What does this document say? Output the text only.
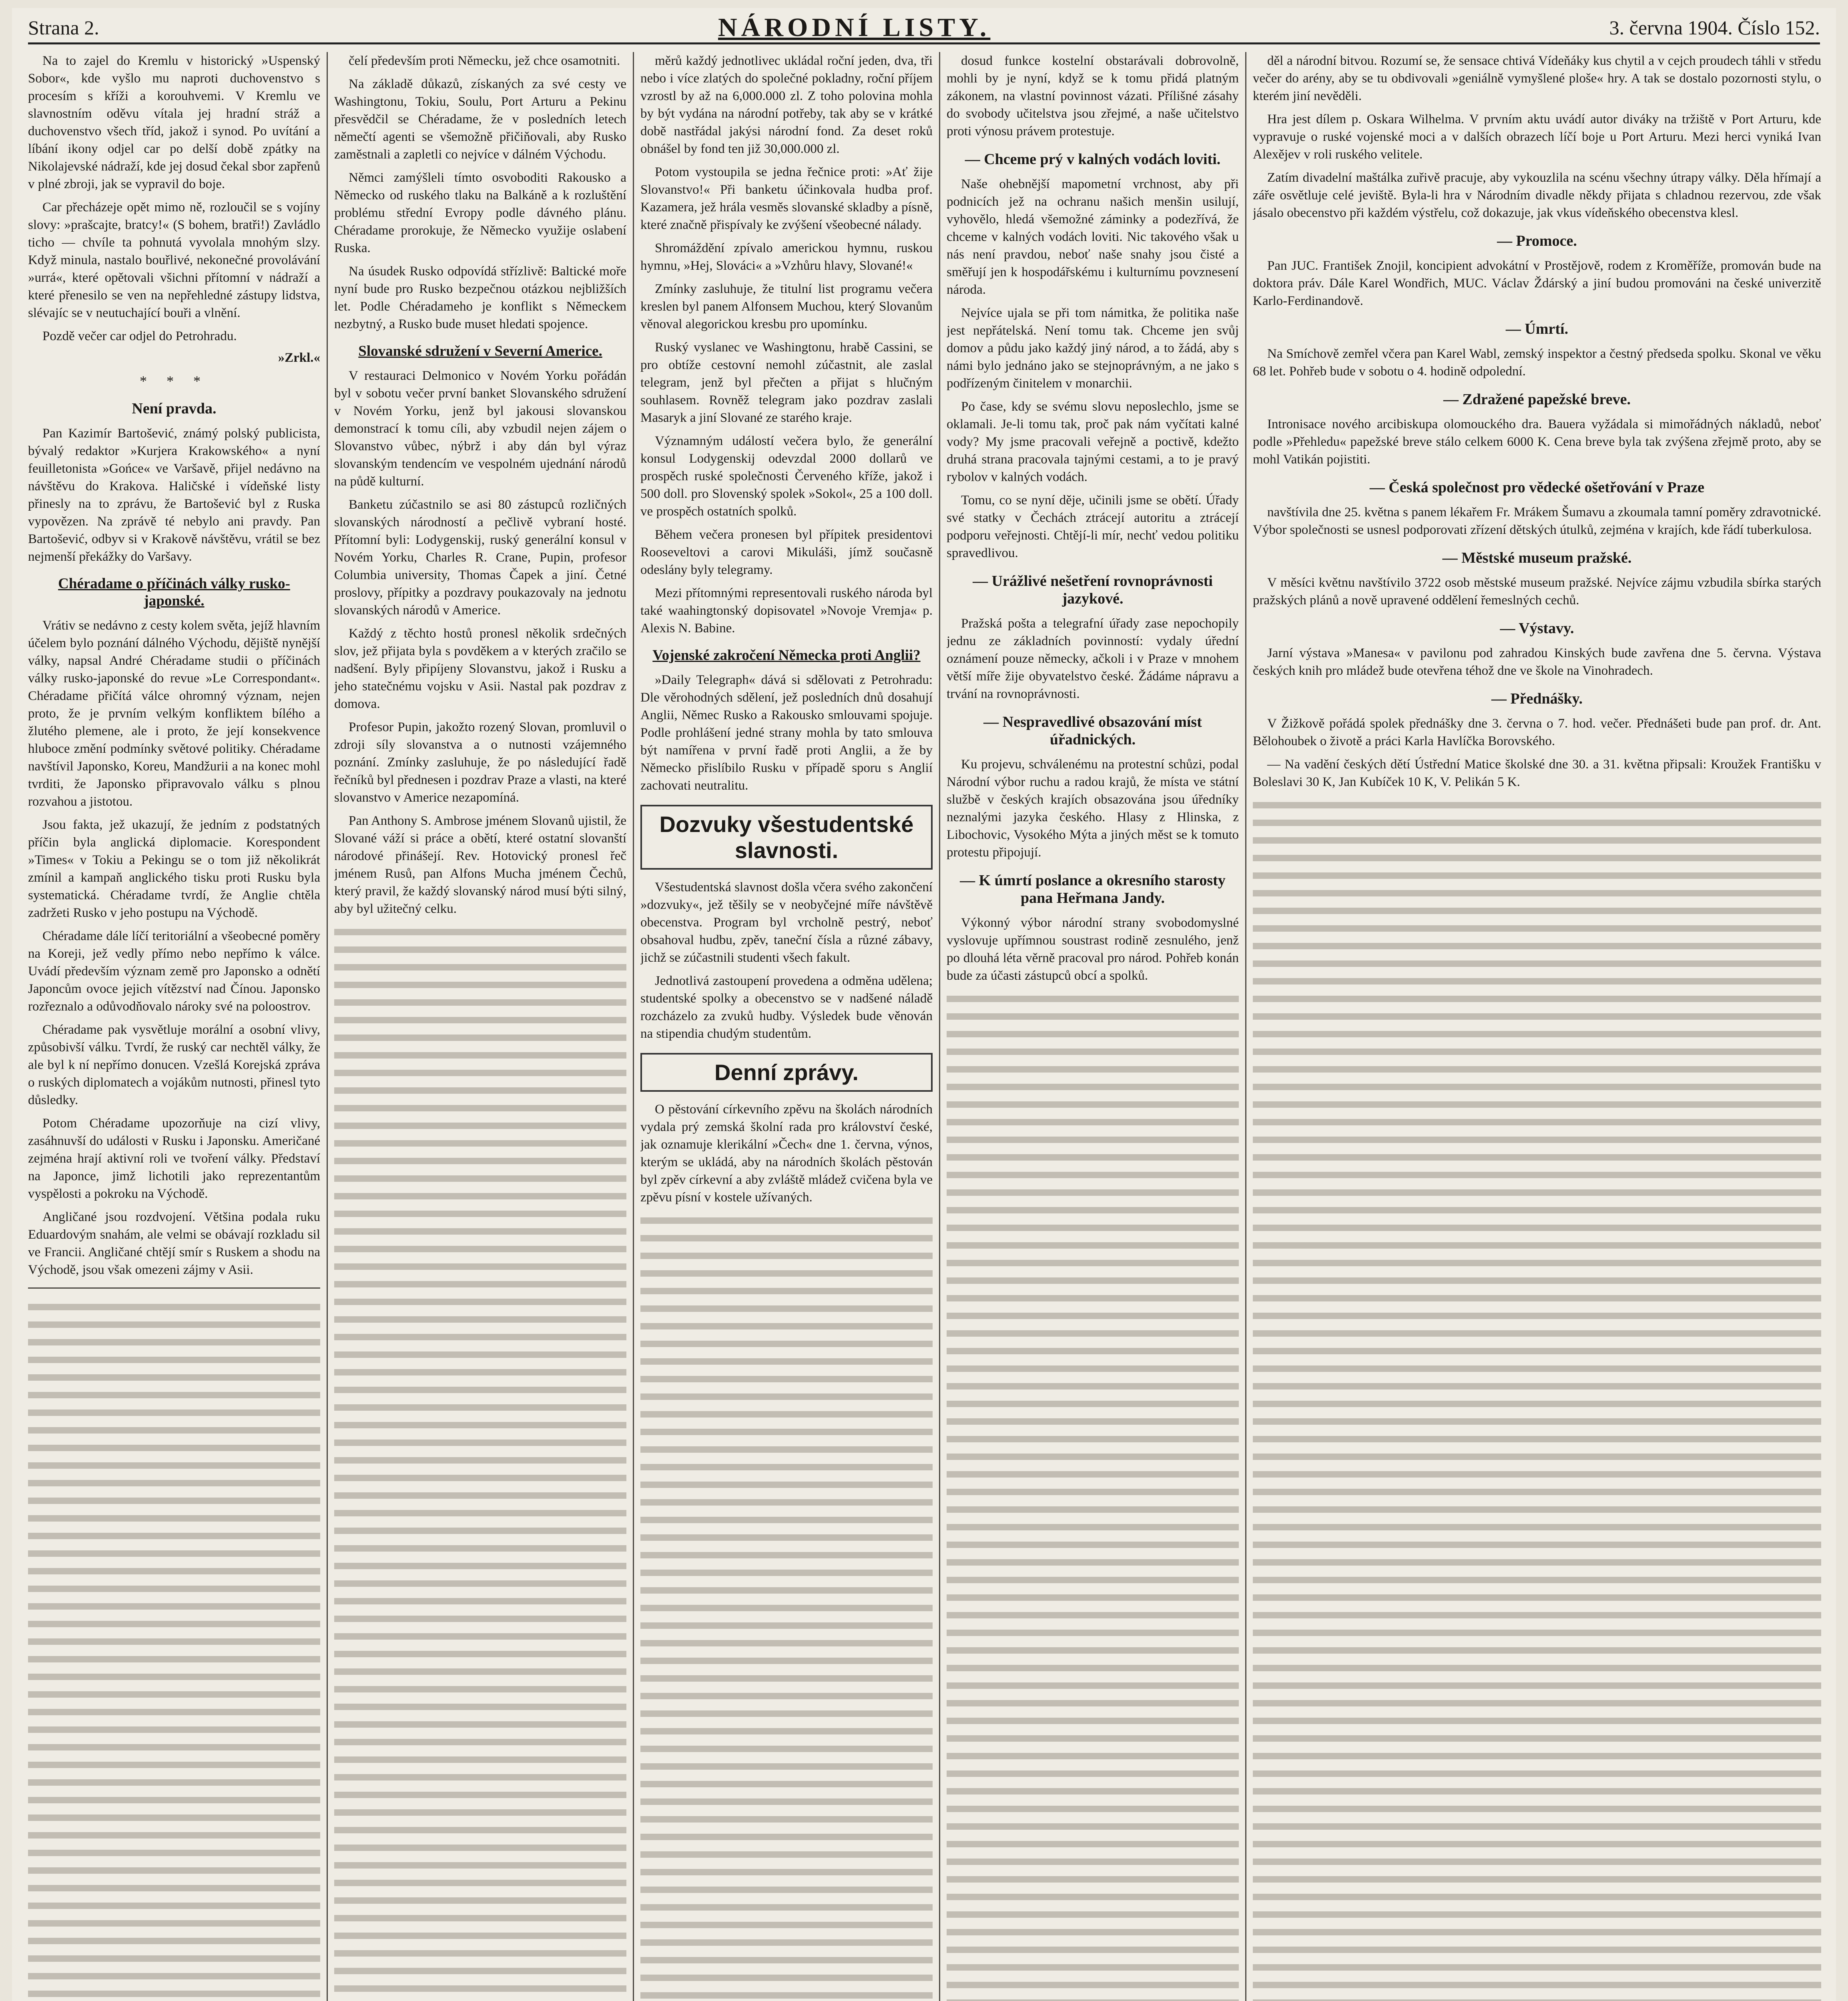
Strana 2.	NÁRODNÍ LISTY.	3. června 1904. Číslo 152.

Na to zajel do Kremlu v historický »Uspenský Sobor«, kde vyšlo mu naproti duchovenstvo s procesím s kříži a korouhvemi. V Kremlu ve slavnostním oděvu vítala jej hradní stráž a duchovenstvo všech tříd, jakož i synod. Po uvítání a líbání ikony odjel car po delší době zpátky na Nikolajevské nádraží, kde jej dosud čekal sbor zapřenů v plné zbroji, jak se vypravil do boje.

Car přecházeje opět mimo ně, rozloučil se s vojíny slovy: »prašcajte, bratcy!« (S bohem, bratři!) Zavládlo ticho — chvíle ta pohnutá vyvolala mnohým slzy. Když minula, nastalo bouřlivé, nekonečné provolávání »urrá«, které opětovali všichni přítomní v nádraží a které přenesilo se ven na nepřehledné zástupy lidstva, slévajíc se v neutuchající bouři a vlnění.

Pozdě večer car odjel do Petrohradu.

»Zrkl.«
* * *
Není pravda.

Pan Kazimír Bartošević, známý polský publicista, bývalý redaktor »Kurjera Krakowského« a nyní feuilletonista »Gońce« ve Varšavě, přijel nedávno na návštěvu do Krakova. Haličské i vídeňské listy přinesly na to zprávu, že Bartošević byl z Ruska vypovězen. Na zprávě té nebylo ani pravdy. Pan Bartošević, odbyv si v Krakově návštěvu, vrátil se bez nejmenší překážky do Varšavy.

Chéradame o příčinách války rusko-japonské.

Vrátiv se nedávno z cesty kolem světa, jejíž hlavním účelem bylo poznání dálného Východu, dějiště nynější války, napsal André Chéradame studii o příčinách války rusko-japonské do revue »Le Correspondant«. Chéradame přičítá válce ohromný význam, nejen proto, že je prvním velkým konfliktem bílého a žlutého plemene, ale i proto, že její konsekvence hluboce změní podmínky světové politiky. Chéradame navštívil Japonsko, Koreu, Mandžurii a na konec mohl tvrditi, že Japonsko připravovalo válku s plnou rozvahou a jistotou.

Jsou fakta, jež ukazují, že jedním z podstatných příčin byla anglická diplomacie. Korespondent »Times« v Tokiu a Pekingu se o tom již několikrát zmínil a kampaň anglického tisku proti Rusku byla systematická. Chéradame tvrdí, že Anglie chtěla zadržeti Rusko v jeho postupu na Východě.

Chéradame dále líčí teritoriální a všeobecné poměry na Koreji, jež vedly přímo nebo nepřímo k válce. Uvádí především význam země pro Japonsko a odnětí Japoncům ovoce jejich vítězství nad Čínou. Japonsko rozřeznalo a odůvodňovalo nároky své na poloostrov.

Chéradame pak vysvětluje morální a osobní vlivy, způsobivší válku. Tvrdí, že ruský car nechtěl války, že ale byl k ní nepřímo donucen. Vzešlá Korejská zpráva o ruských diplomatech a vojákům nutnosti, přinesl tyto důsledky.

Potom Chéradame upozorňuje na cizí vlivy, zasáhnuvší do události v Rusku i Japonsku. Američané zejména hrají aktivní roli ve tvoření války. Představí na Japonce, jimž lichotili jako reprezentantům vyspělosti a pokroku na Východě.

Angličané jsou rozdvojení. Většina podala ruku Eduardovým snahám, ale velmi se obávají rozkladu sil ve Francii. Angličané chtějí smír s Ruskem a shodu na Východě, jsou však omezeni zájmy v Asii.

čelí především proti Německu, jež chce osamotniti.

Na základě důkazů, získaných za své cesty ve Washingtonu, Tokiu, Soulu, Port Arturu a Pekinu přesvědčil se Chéradame, že v posledních letech němečtí agenti se všemožně přičiňovali, aby Rusko zaměstnali a zapletli co nejvíce v dálném Východu.

Němci zamýšleli tímto osvoboditi Rakousko a Německo od ruského tlaku na Balkáně a k rozluštění problému střední Evropy podle dávného plánu. Chéradame prorokuje, že Německo využije oslabení Ruska.

Na úsudek Rusko odpovídá střízlivě: Baltické moře nyní bude pro Rusko bezpečnou otázkou nejbližších let. Podle Chéradameho je konflikt s Německem nezbytný, a Rusko bude muset hledati spojence.

Slovanské sdružení v Severní Americe.

V restauraci Delmonico v Novém Yorku pořádán byl v sobotu večer první banket Slovanského sdružení v Novém Yorku, jenž byl jakousi slovanskou demonstrací k tomu cíli, aby vzbudil nejen zájem o Slovanstvo vůbec, nýbrž i aby dán byl výraz slovanským tendencím ve vespolném ujednání národů na půdě kulturní.

Banketu zúčastnilo se asi 80 zástupců rozličných slovanských národností a pečlivě vybraní hosté. Přítomní byli: Lodygenskij, ruský generální konsul v Novém Yorku, Charles R. Crane, Pupin, profesor Columbia university, Thomas Čapek a jiní. Četné proslovy, přípitky a pozdravy poukazovaly na jednotu slovanských národů v Americe.

Každý z těchto hostů pronesl několik srdečných slov, jež přijata byla s povděkem a v kterých zračilo se nadšení. Byly připíjeny Slovanstvu, jakož i Rusku a jeho statečnému vojsku v Asii. Nastal pak pozdrav z domova.

Profesor Pupin, jakožto rozený Slovan, promluvil o zdroji síly slovanstva a o nutnosti vzájemného poznání. Zmínky zasluhuje, že po následující řadě řečníků byl přednesen i pozdrav Praze a vlasti, na které slovanstvo v Americe nezapomíná.

Pan Anthony S. Ambrose jménem Slovanů ujistil, že Slované váží si práce a obětí, které ostatní slovanští národové přinášejí. Rev. Hotovický pronesl řeč jménem Rusů, pan Alfons Mucha jménem Čechů, který pravil, že každý slovanský národ musí býti silný, aby byl užitečný celku.

měrů každý jednotlivec ukládal roční jeden, dva, tři nebo i více zlatých do společné pokladny, roční příjem vzrostl by až na 6,000.000 zl. Z toho polovina mohla by být vydána na národní potřeby, tak aby se v krátké době nastřádal jakýsi národní fond. Za deset roků obnášel by fond ten již 30,000.000 zl.

Potom vystoupila se jedna řečnice proti: »Ať žije Slovanstvo!« Při banketu účinkovala hudba prof. Kazamera, jež hrála vesměs slovanské skladby a písně, které značně přispívaly ke zvýšení všeobecné nálady.

Shromáždění zpívalo americkou hymnu, ruskou hymnu, »Hej, Slováci« a »Vzhůru hlavy, Slované!«

Zmínky zasluhuje, že titulní list programu večera kreslen byl panem Alfonsem Muchou, který Slovanům věnoval alegorickou kresbu pro upomínku.

Ruský vyslanec ve Washingtonu, hrabě Cassini, se pro obtíže cestovní nemohl zúčastnit, ale zaslal telegram, jenž byl přečten a přijat s hlučným souhlasem. Rovněž telegram jako pozdrav zaslali Masaryk a jiní Slované ze starého kraje.

Významným událostí večera bylo, že generální konsul Lodygenskij odevzdal 2000 dollarů ve prospěch ruské společnosti Červeného kříže, jakož i 500 doll. pro Slovenský spolek »Sokol«, 25 a 100 doll. ve prospěch ostatních spolků.

Během večera pronesen byl přípitek presidentovi Rooseveltovi a carovi Mikuláši, jímž současně odeslány byly telegramy.

Mezi přítomnými representovali ruského národa byl také waahingtonský dopisovatel »Novoje Vremja« p. Alexis N. Babine.

Vojenské zakročení Německa proti Anglii?

»Daily Telegraph« dává si sdělovati z Petrohradu: Dle věrohodných sdělení, jež posledních dnů dosahují Anglii, Němec Rusko a Rakousko smlouvami spojuje. Podle prohlášení jedné strany mohla by tato smlouva být namířena v první řadě proti Anglii, a že by Německo přislíbilo Rusku v případě sporu s Anglií zachovati neutralitu.

Dozvuky všestudentské slavnosti.

Všestudentská slavnost došla včera svého zakončení »dozvuky«, jež těšily se v neobyčejné míře návštěvě obecenstva. Program byl vrcholně pestrý, neboť obsahoval hudbu, zpěv, taneční čísla a různé zábavy, jichž se zúčastnili studenti všech fakult.

Jednotlivá zastoupení provedena a odměna udělena; studentské spolky a obecenstvo se v nadšené náladě rozcházelo za zvuků hudby. Výsledek bude věnován na stipendia chudým studentům.

Denní zprávy.

O pěstování církevního zpěvu na školách národních vydala prý zemská školní rada pro království české, jak oznamuje klerikální »Čech« dne 1. června, výnos, kterým se ukládá, aby na národních školách pěstován byl zpěv církevní a aby zvláště mládež cvičena byla ve zpěvu písní v kostele užívaných.

dosud funkce kostelní obstarávali dobrovolně, mohli by je nyní, když se k tomu přidá platným zákonem, na vlastní povinnost vázati. Přílišné zásahy do svobody učitelstva jsou zřejmé, a naše učitelstvo proti výnosu právem protestuje.

— Chceme prý v kalných vodách loviti.

Naše ohebnější mapometní vrchnost, aby při podnicích jež na ochranu našich menšin usilují, vyhovělo, hledá všemožné záminky a podezřívá, že chceme v kalných vodách loviti. Nic takového však u nás není pravdou, neboť naše snahy jsou čisté a směřují jen k hospodářskému i kulturnímu povznesení národa.

Nejvíce ujala se při tom námitka, že politika naše jest nepřátelská. Není tomu tak. Chceme jen svůj domov a půdu jako každý jiný národ, a to žádá, aby s námi bylo jednáno jako se stejnoprávným, a ne jako s podřízeným činitelem v monarchii.

Po čase, kdy se svému slovu neposlechlo, jsme se oklamali. Je-li tomu tak, proč pak nám vyčítati kalné vody? My jsme pracovali veřejně a poctivě, kdežto druhá strana pracovala tajnými cestami, a to je pravý rybolov v kalných vodách.

Tomu, co se nyní děje, učinili jsme se obětí. Úřady své statky v Čechách ztrácejí autoritu a ztrácejí podporu veřejnosti. Chtějí-li mír, nechť vedou politiku spravedlivou.

— Urážlivé nešetření rovnoprávnosti jazykové.

Pražská pošta a telegrafní úřady zase nepochopily jednu ze základních povinností: vydaly úřední oznámení pouze německy, ačkoli i v Praze v mnohem větší míře žije obyvatelstvo české. Žádáme nápravu a trvání na rovnoprávnosti.

— Nespravedlivé obsazování míst úřadnických.

Ku projevu, schválenému na protestní schůzi, podal Národní výbor ruchu a radou krajů, že místa ve státní službě v českých krajích obsazována jsou úředníky neznalými jazyka českého. Hlasy z Hlinska, z Libochovic, Vysokého Mýta a jiných měst se k tomuto protestu připojují.

— K úmrtí poslance a okresního starosty pana Heřmana Jandy.

Výkonný výbor národní strany svobodomyslné vyslovuje upřímnou soustrast rodině zesnulého, jenž po dlouhá léta věrně pracoval pro národ. Pohřeb konán bude za účasti zástupců obcí a spolků.

děl a národní bitvou. Rozumí se, že sensace chtivá Vídeňáky kus chytil a v cejch proudech táhli v středu večer do arény, aby se tu obdivovali »geniálně vymyšlené ploše« hry. A tak se dostalo pozornosti stylu, o kterém jiní nevěděli.

Hra jest dílem p. Oskara Wilhelma. V prvním aktu uvádí autor diváky na tržiště v Port Arturu, kde vypravuje o ruské vojenské moci a v dalších obrazech líčí boje u Port Arturu. Mezi herci vyniká Ivan Alexějev v roli ruského velitele.

Zatím divadelní maštálka zuřivě pracuje, aby vykouzlila na scénu všechny útrapy války. Děla hřímají a záře osvětluje celé jeviště. Byla-li hra v Národním divadle někdy přijata s chladnou rezervou, zde však jásalo obecenstvo při každém výstřelu, což dokazuje, jak vkus vídeňského obecenstva klesl.

— Promoce.

Pan JUC. František Znojil, koncipient advokátní v Prostějově, rodem z Kroměříže, promován bude na doktora práv. Dále Karel Wondřich, MUC. Václav Ždárský a jiní budou promováni na české univerzitě Karlo-Ferdinandově.

— Úmrtí.

Na Smíchově zemřel včera pan Karel Wabl, zemský inspektor a čestný předseda spolku. Skonal ve věku 68 let. Pohřeb bude v sobotu o 4. hodině odpolední.

— Zdražené papežské breve.

Intronisace nového arcibiskupa olomouckého dra. Bauera vyžádala si mimořádných nákladů, neboť podle »Přehledu« papežské breve stálo celkem 6000 K. Cena breve byla tak zvýšena zřejmě proto, aby se mohl Vatikán pojistiti.

— Česká společnost pro vědecké ošetřování v Praze

navštívila dne 25. května s panem lékařem Fr. Mrákem Šumavu a zkoumala tamní poměry zdravotnické. Výbor společnosti se usnesl podporovati zřízení dětských útulků, zejména v krajích, kde řádí tuberkulosa.

— Městské museum pražské.

V měsíci květnu navštívilo 3722 osob městské museum pražské. Nejvíce zájmu vzbudila sbírka starých pražských plánů a nově upravené oddělení řemeslných cechů.

— Výstavy.

Jarní výstava »Manesa« v pavilonu pod zahradou Kinských bude zavřena dne 5. června. Výstava českých knih pro mládež bude otevřena téhož dne ve škole na Vinohradech.

— Přednášky.

V Žižkově pořádá spolek přednášky dne 3. června o 7. hod. večer. Přednášeti bude pan prof. dr. Ant. Bělohoubek o životě a práci Karla Havlíčka Borovského.

— Na vadění českých dětí Ústřední Matice školské dne 30. a 31. května připsali: Kroužek Františku v Boleslavi 30 K, Jan Kubíček 10 K, V. Pelikán 5 K.
